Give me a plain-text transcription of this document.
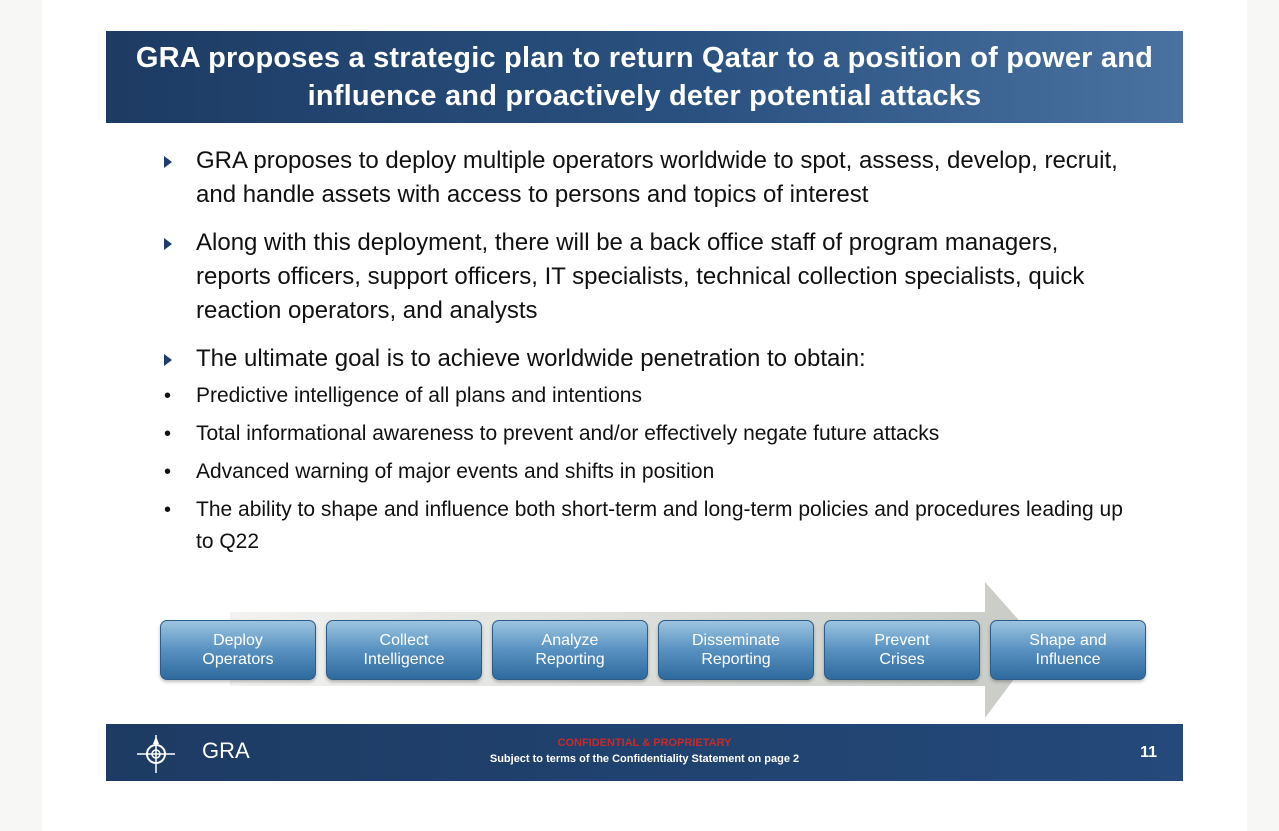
GRA proposes a strategic plan to return Qatar to a position of power and influence and proactively deter potential attacks
GRA proposes to deploy multiple operators worldwide to spot, assess, develop, recruit, and handle assets with access to persons and topics of interest
Along with this deployment, there will be a back office staff of program managers, reports officers, support officers, IT specialists, technical collection specialists, quick reaction operators, and analysts
The ultimate goal is to achieve worldwide penetration to obtain:
• Predictive intelligence of all plans and intentions
• Total informational awareness to prevent and/or effectively negate future attacks
• Advanced warning of major events and shifts in position
• The ability to shape and influence both short-term and long-term policies and procedures leading up to Q22
Deploy
Operators
Collect
Intelligence
Analyze
Reporting
Disseminate
Reporting
Prevent
Crises
Shape and
Influence
GRA	CONFIDENTIAL & PROPRIETARY
Subject to terms of the Confidentiality Statement on page 2	11
